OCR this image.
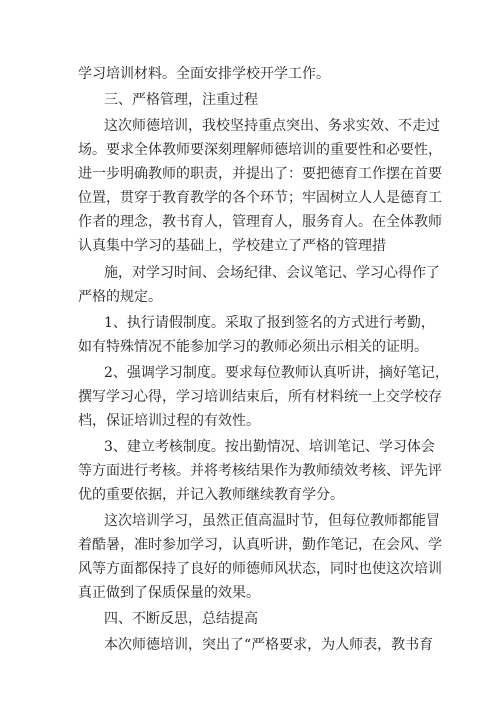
学习培训材料。全面安排学校开学工作。
三、严格管理，注重过程
这次师德培训，我校坚持重点突出、务求实效、不走过
场。要求全体教师要深刻理解师德培训的重要性和必要性，
进一步明确教师的职责，并提出了：要把德育工作摆在首要
位置，贯穿于教育教学的各个环节；牢固树立人人是德育工
作者的理念，教书育人，管理育人，服务育人。在全体教师
认真集中学习的基础上，学校建立了严格的管理措
施，对学习时间、会场纪律、会议笔记、学习心得作了
严格的规定。
1、执行请假制度。采取了报到签名的方式进行考勤，
如有特殊情况不能参加学习的教师必须出示相关的证明。
2、强调学习制度。要求每位教师认真听讲，摘好笔记，
撰写学习心得，学习培训结束后，所有材料统一上交学校存
档，保证培训过程的有效性。
3、建立考核制度。按出勤情况、培训笔记、学习体会
等方面进行考核。并将考核结果作为教师绩效考核、评先评
优的重要依据，并记入教师继续教育学分。
这次培训学习，虽然正值高温时节，但每位教师都能冒
着酷暑，准时参加学习，认真听讲，勤作笔记，在会风、学
风等方面都保持了良好的师德师风状态，同时也使这次培训
真正做到了保质保量的效果。
四、不断反思，总结提高
本次师德培训，突出了“严格要求，为人师表，教书育
